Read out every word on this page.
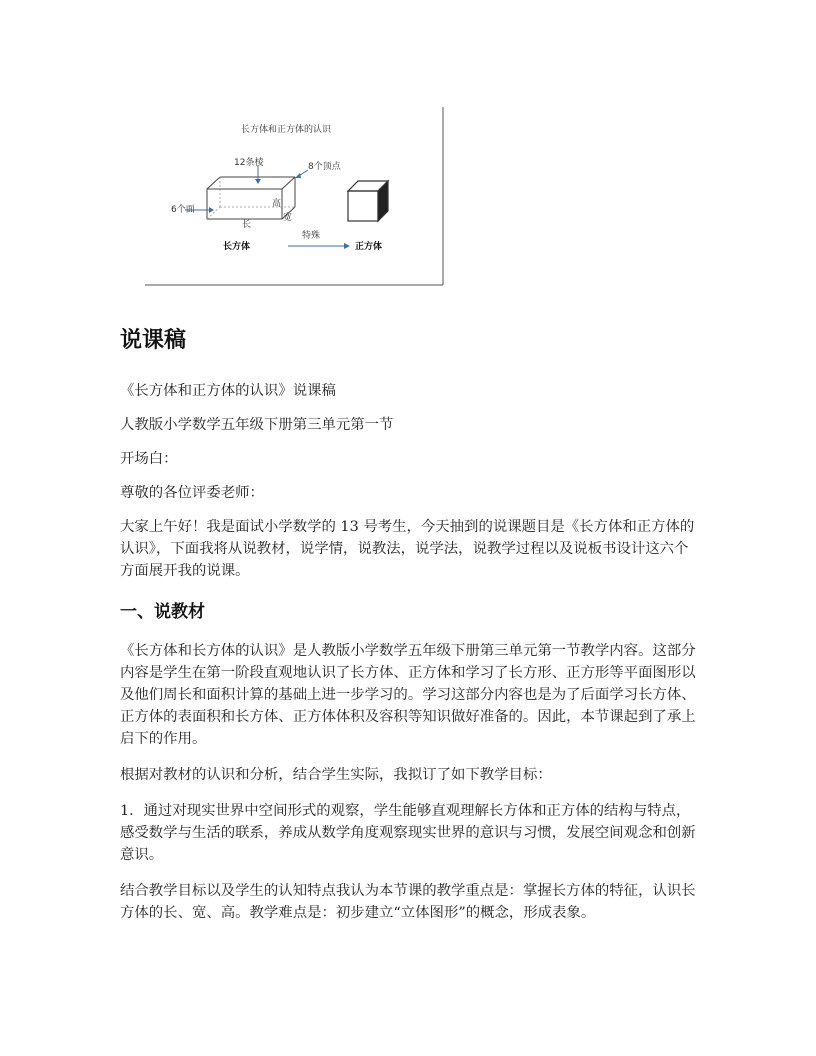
长方体和正方体的认识
12条棱	8个顶点
6个面
高
长
宽
特殊
长方体	正方体
说课稿

《长方体和正方体的认识》说课稿

人教版小学数学五年级下册第三单元第一节

开场白：

尊敬的各位评委老师：

大家上午好！我是面试小学数学的 13 号考生，今天抽到的说课题目是《长方体和正方体的认识》，下面我将从说教材，说学情，说教法，说学法，说教学过程以及说板书设计这六个方面展开我的说课。

一、说教材

《长方体和长方体的认识》是人教版小学数学五年级下册第三单元第一节教学内容。这部分内容是学生在第一阶段直观地认识了长方体、正方体和学习了长方形、正方形等平面图形以及他们周长和面积计算的基础上进一步学习的。学习这部分内容也是为了后面学习长方体、正方体的表面积和长方体、正方体体积及容积等知识做好准备的。因此，本节课起到了承上启下的作用。

根据对教材的认识和分析，结合学生实际，我拟订了如下教学目标：

1．通过对现实世界中空间形式的观察，学生能够直观理解长方体和正方体的结构与特点，感受数学与生活的联系，养成从数学角度观察现实世界的意识与习惯，发展空间观念和创新意识。

结合教学目标以及学生的认知特点我认为本节课的教学重点是：掌握长方体的特征，认识长方体的长、宽、高。教学难点是：初步建立“立体图形”的概念，形成表象。
